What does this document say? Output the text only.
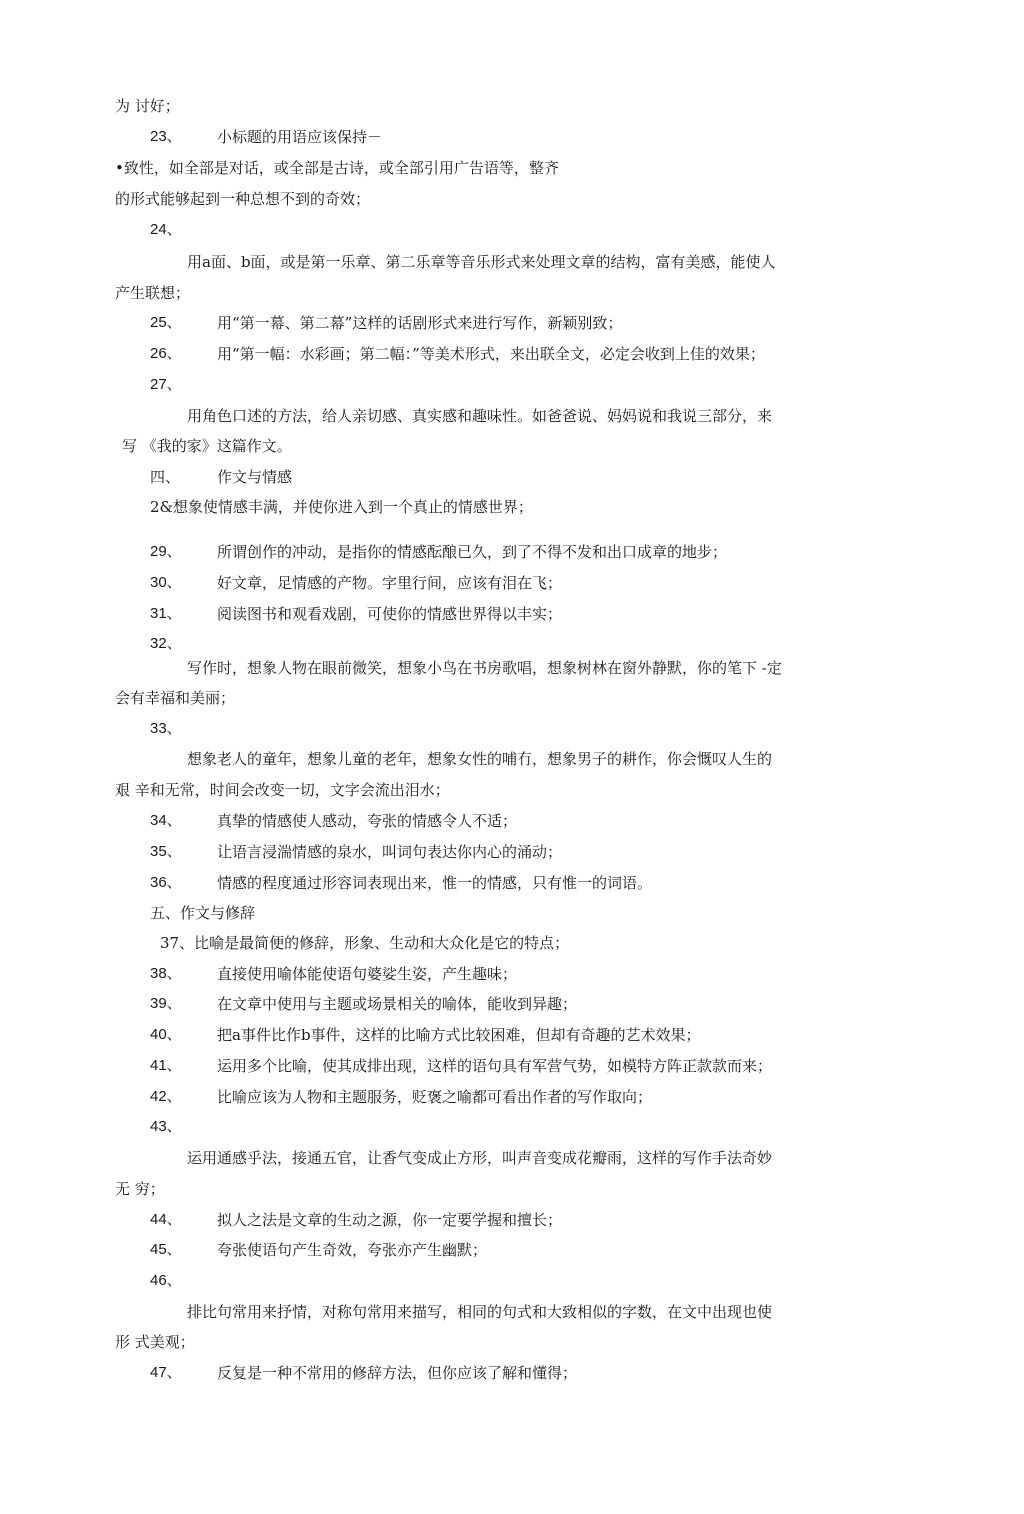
为 讨好；
23、 小标题的用语应该保持－
•致性，如全部是对话，或全部是古诗，或全部引用广告语等，整齐
的形式能够起到一种总想不到的奇效；
24、
用a面、b面，或是第一乐章、第二乐章等音乐形式来处理文章的结构，富有美感，能使人
产生联想；
25、 用“第一幕、第二幕”这样的话剧形式来进行写作，新颖别致；
26、 用“第一幅：水彩画；第二幅：”等美术形式，来出联全文，必定会收到上佳的效果；
27、
用角色口述的方法，给人亲切感、真实感和趣味性。如爸爸说、妈妈说和我说三部分，来
写 《我的家》这篇作文。
四、 作文与情感
2&想象使情感丰满，并使你进入到一个真止的情感世界；
29、 所谓创作的冲动，是指你的情感酝酿已久，到了不得不发和出口成章的地步；
30、 好文章，足情感的产物。字里行间，应该有泪在飞；
31、 阅读图书和观看戏剧，可使你的情感世界得以丰实；
32、
写作时，想象人物在眼前微笑，想象小鸟在书房歌唱，想象树林在窗外静默，你的笔下 -定
会有幸福和美丽；
33、
想象老人的童年，想象儿童的老年，想象女性的哺冇，想象男子的耕作，你会慨叹人生的
艰 辛和无常，时间会改变一切，文字会流出泪水；
34、 真挚的情感使人感动，夸张的情感令人不适；
35、 让语言浸湍情感的泉水，叫词句表达你内心的涌动；
36、 情感的程度通过形容词表现出来，惟一的情感，只有惟一的词语。
五、作文与修辞
37、比喻是最简便的修辞，形象、生动和大众化是它的特点；
38、 直接使用喻体能使语句婆娑生姿，产生趣味；
39、 在文章中使用与主题或场景相关的喻体，能收到异趣；
40、 把a事件比作b事件，这样的比喻方式比较困难，但却有奇趣的艺术效果；
41、 运用多个比喻，使其成排出现，这样的语句具有军营气势，如模特方阵正款款而来；
42、 比喻应该为人物和主题服务，贬褒之喻都可看出作者的写作取向；
43、
运用通感乎法，接通五官，让香气变成止方形，叫声音变成花瓣雨，这样的写作手法奇妙
无 穷；
44、 拟人之法是文章的生动之源，你一定要学握和擅长；
45、 夸张使语句产生奇效，夸张亦产生幽默；
46、
排比句常用来抒情，对称句常用来描写，相同的句式和大致相似的字数，在文中出现也使
形 式美观；
47、 反复是一种不常用的修辞方法，但你应该了解和懂得；
